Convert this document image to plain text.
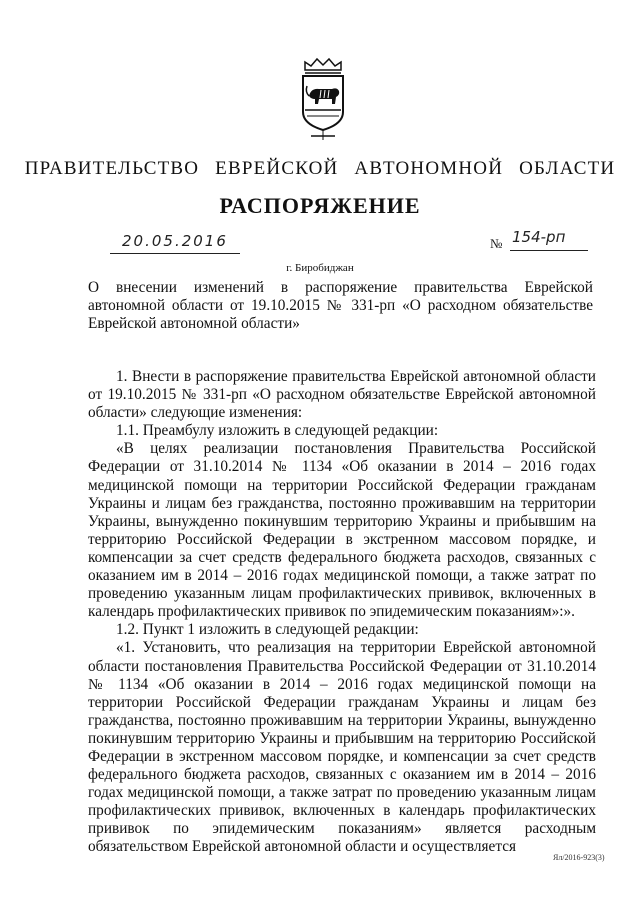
ПРАВИТЕЛЬСТВО ЕВРЕЙСКОЙ АВТОНОМНОЙ ОБЛАСТИ
РАСПОРЯЖЕНИЕ
20.05.2016	№ 154-рп
г. Биробиджан
О внесении изменений в распоряжение правительства Еврейской автономной области от 19.10.2015 № 331-рп «О расходном обязательстве Еврейской автономной области»

1. Внести в распоряжение правительства Еврейской автономной области от 19.10.2015 № 331-рп «О расходном обязательстве Еврейской автономной области» следующие изменения:

1.1. Преамбулу изложить в следующей редакции:

«В целях реализации постановления Правительства Российской Федерации от 31.10.2014 № 1134 «Об оказании в 2014 – 2016 годах медицинской помощи на территории Российской Федерации гражданам Украины и лицам без гражданства, постоянно проживавшим на территории Украины, вынужденно покинувшим территорию Украины и прибывшим на территорию Российской Федерации в экстренном массовом порядке, и компенсации за счет средств федерального бюджета расходов, связанных с оказанием им в 2014 – 2016 годах медицинской помощи, а также затрат по проведению указанным лицам профилактических прививок, включенных в календарь профилактических прививок по эпидемическим показаниям»:».

1.2. Пункт 1 изложить в следующей редакции:

«1. Установить, что реализация на территории Еврейской автономной области постановления Правительства Российской Федерации от 31.10.2014 № 1134 «Об оказании в 2014 – 2016 годах медицинской помощи на территории Российской Федерации гражданам Украины и лицам без гражданства, постоянно проживавшим на территории Украины, вынужденно покинувшим территорию Украины и прибывшим на территорию Российской Федерации в экстренном массовом порядке, и компенсации за счет средств федерального бюджета расходов, связанных с оказанием им в 2014 – 2016 годах медицинской помощи, а также затрат по проведению указанным лицам профилактических прививок, включенных в календарь профилактических прививок по эпидемическим показаниям» является расходным обязательством Еврейской автономной области и осуществляется

Ял/2016-923(3)
